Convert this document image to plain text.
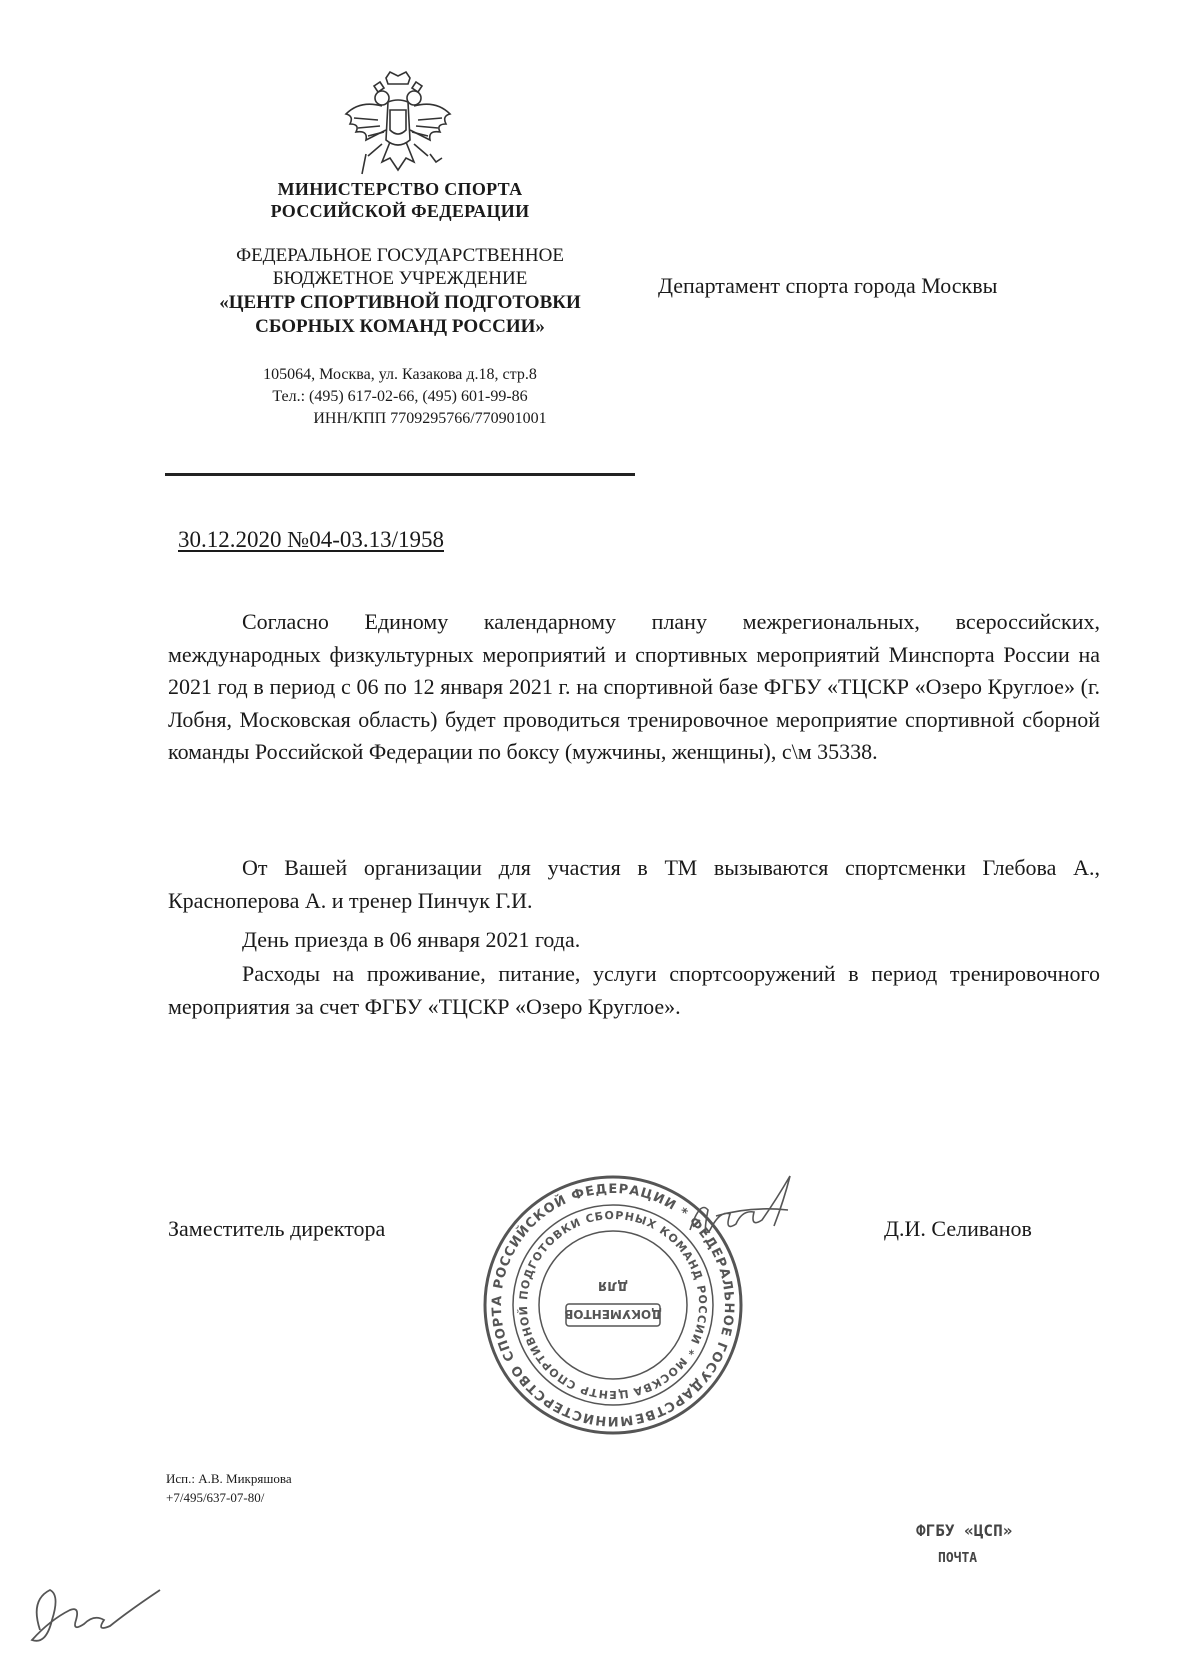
МИНИСТЕРСТВО СПОРТА
РОССИЙСКОЙ ФЕДЕРАЦИИ
ФЕДЕРАЛЬНОЕ ГОСУДАРСТВЕННОЕ
БЮДЖЕТНОЕ УЧРЕЖДЕНИЕ
«ЦЕНТР СПОРТИВНОЙ ПОДГОТОВКИ
СБОРНЫХ КОМАНД РОССИИ»
105064, Москва, ул. Казакова д.18, стр.8
Тел.: (495) 617-02-66, (495) 601-99-86
ИНН/КПП 7709295766/770901001
Департамент спорта города Москвы
30.12.2020 №04-03.13/1958
Согласно Единому календарному плану межрегиональных, всероссийских, международных физкультурных мероприятий и спортивных мероприятий Минспорта России на 2021 год в период с 06 по 12 января 2021 г. на спортивной базе ФГБУ «ТЦСКР «Озеро Круглое» (г. Лобня, Московская область) будет проводиться тренировочное мероприятие спортивной сборной команды Российской Федерации по боксу (мужчины, женщины), с\м 35338.
От Вашей организации для участия в ТМ вызываются спортсменки Глебова А., Красноперова А. и тренер Пинчук Г.И.
День приезда в 06 января 2021 года.
Расходы на проживание, питание, услуги спортсооружений в период тренировочного мероприятия за счет ФГБУ «ТЦСКР «Озеро Круглое».
Заместитель директора	Д.И. Селиванов
МИНИСТЕРСТВО СПОРТА РОССИЙСКОЙ ФЕДЕРАЦИИ * ФЕДЕРАЛЬНОЕ ГОСУДАРСТВЕННОЕ
ЦЕНТР СПОРТИВНОЙ ПОДГОТОВКИ СБОРНЫХ КОМАНД РОССИИ * МОСКВА
ДОКУМЕНТОВ
ДЛЯ
Исп.: А.В. Микряшова
+7/495/637-07-80/
ФГБУ «ЦСП»
ПОЧТА
